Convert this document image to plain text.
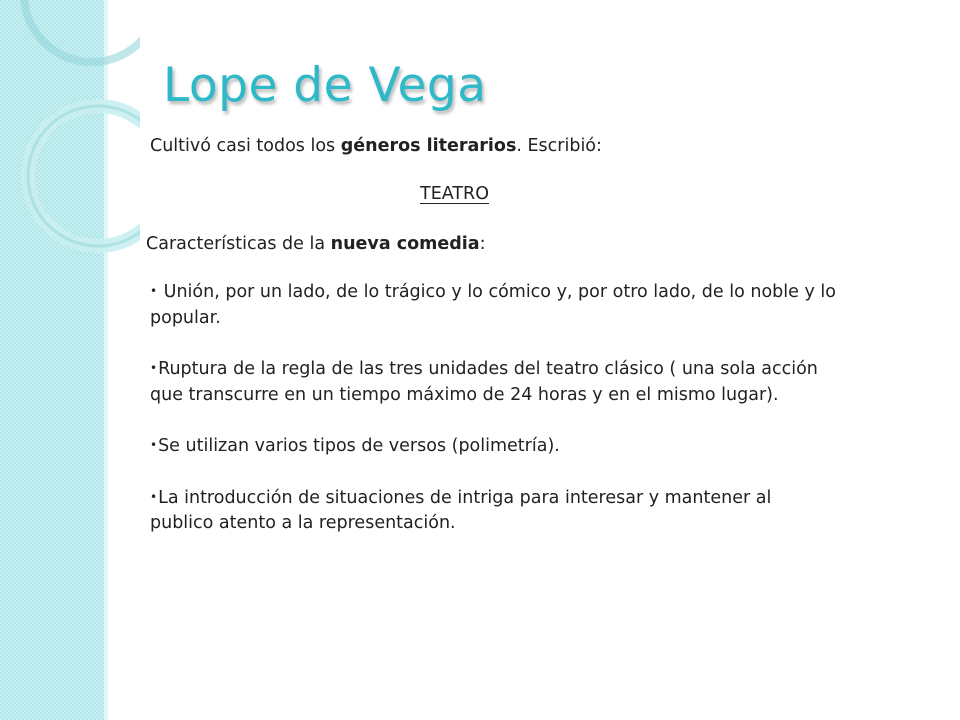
Lope de Vega
Cultivó casi todos los géneros literarios. Escribió:
TEATRO
Características de la nueva comedia:
• Unión, por un lado, de lo trágico y lo cómico y, por otro lado, de lo noble y lo popular.
•Ruptura de la regla de las tres unidades del teatro clásico ( una sola acción que transcurre en un tiempo máximo de 24 horas y en el mismo lugar).
•Se utilizan varios tipos de versos (polimetría).
•La introducción de situaciones de intriga para interesar y mantener al publico atento a la representación.
